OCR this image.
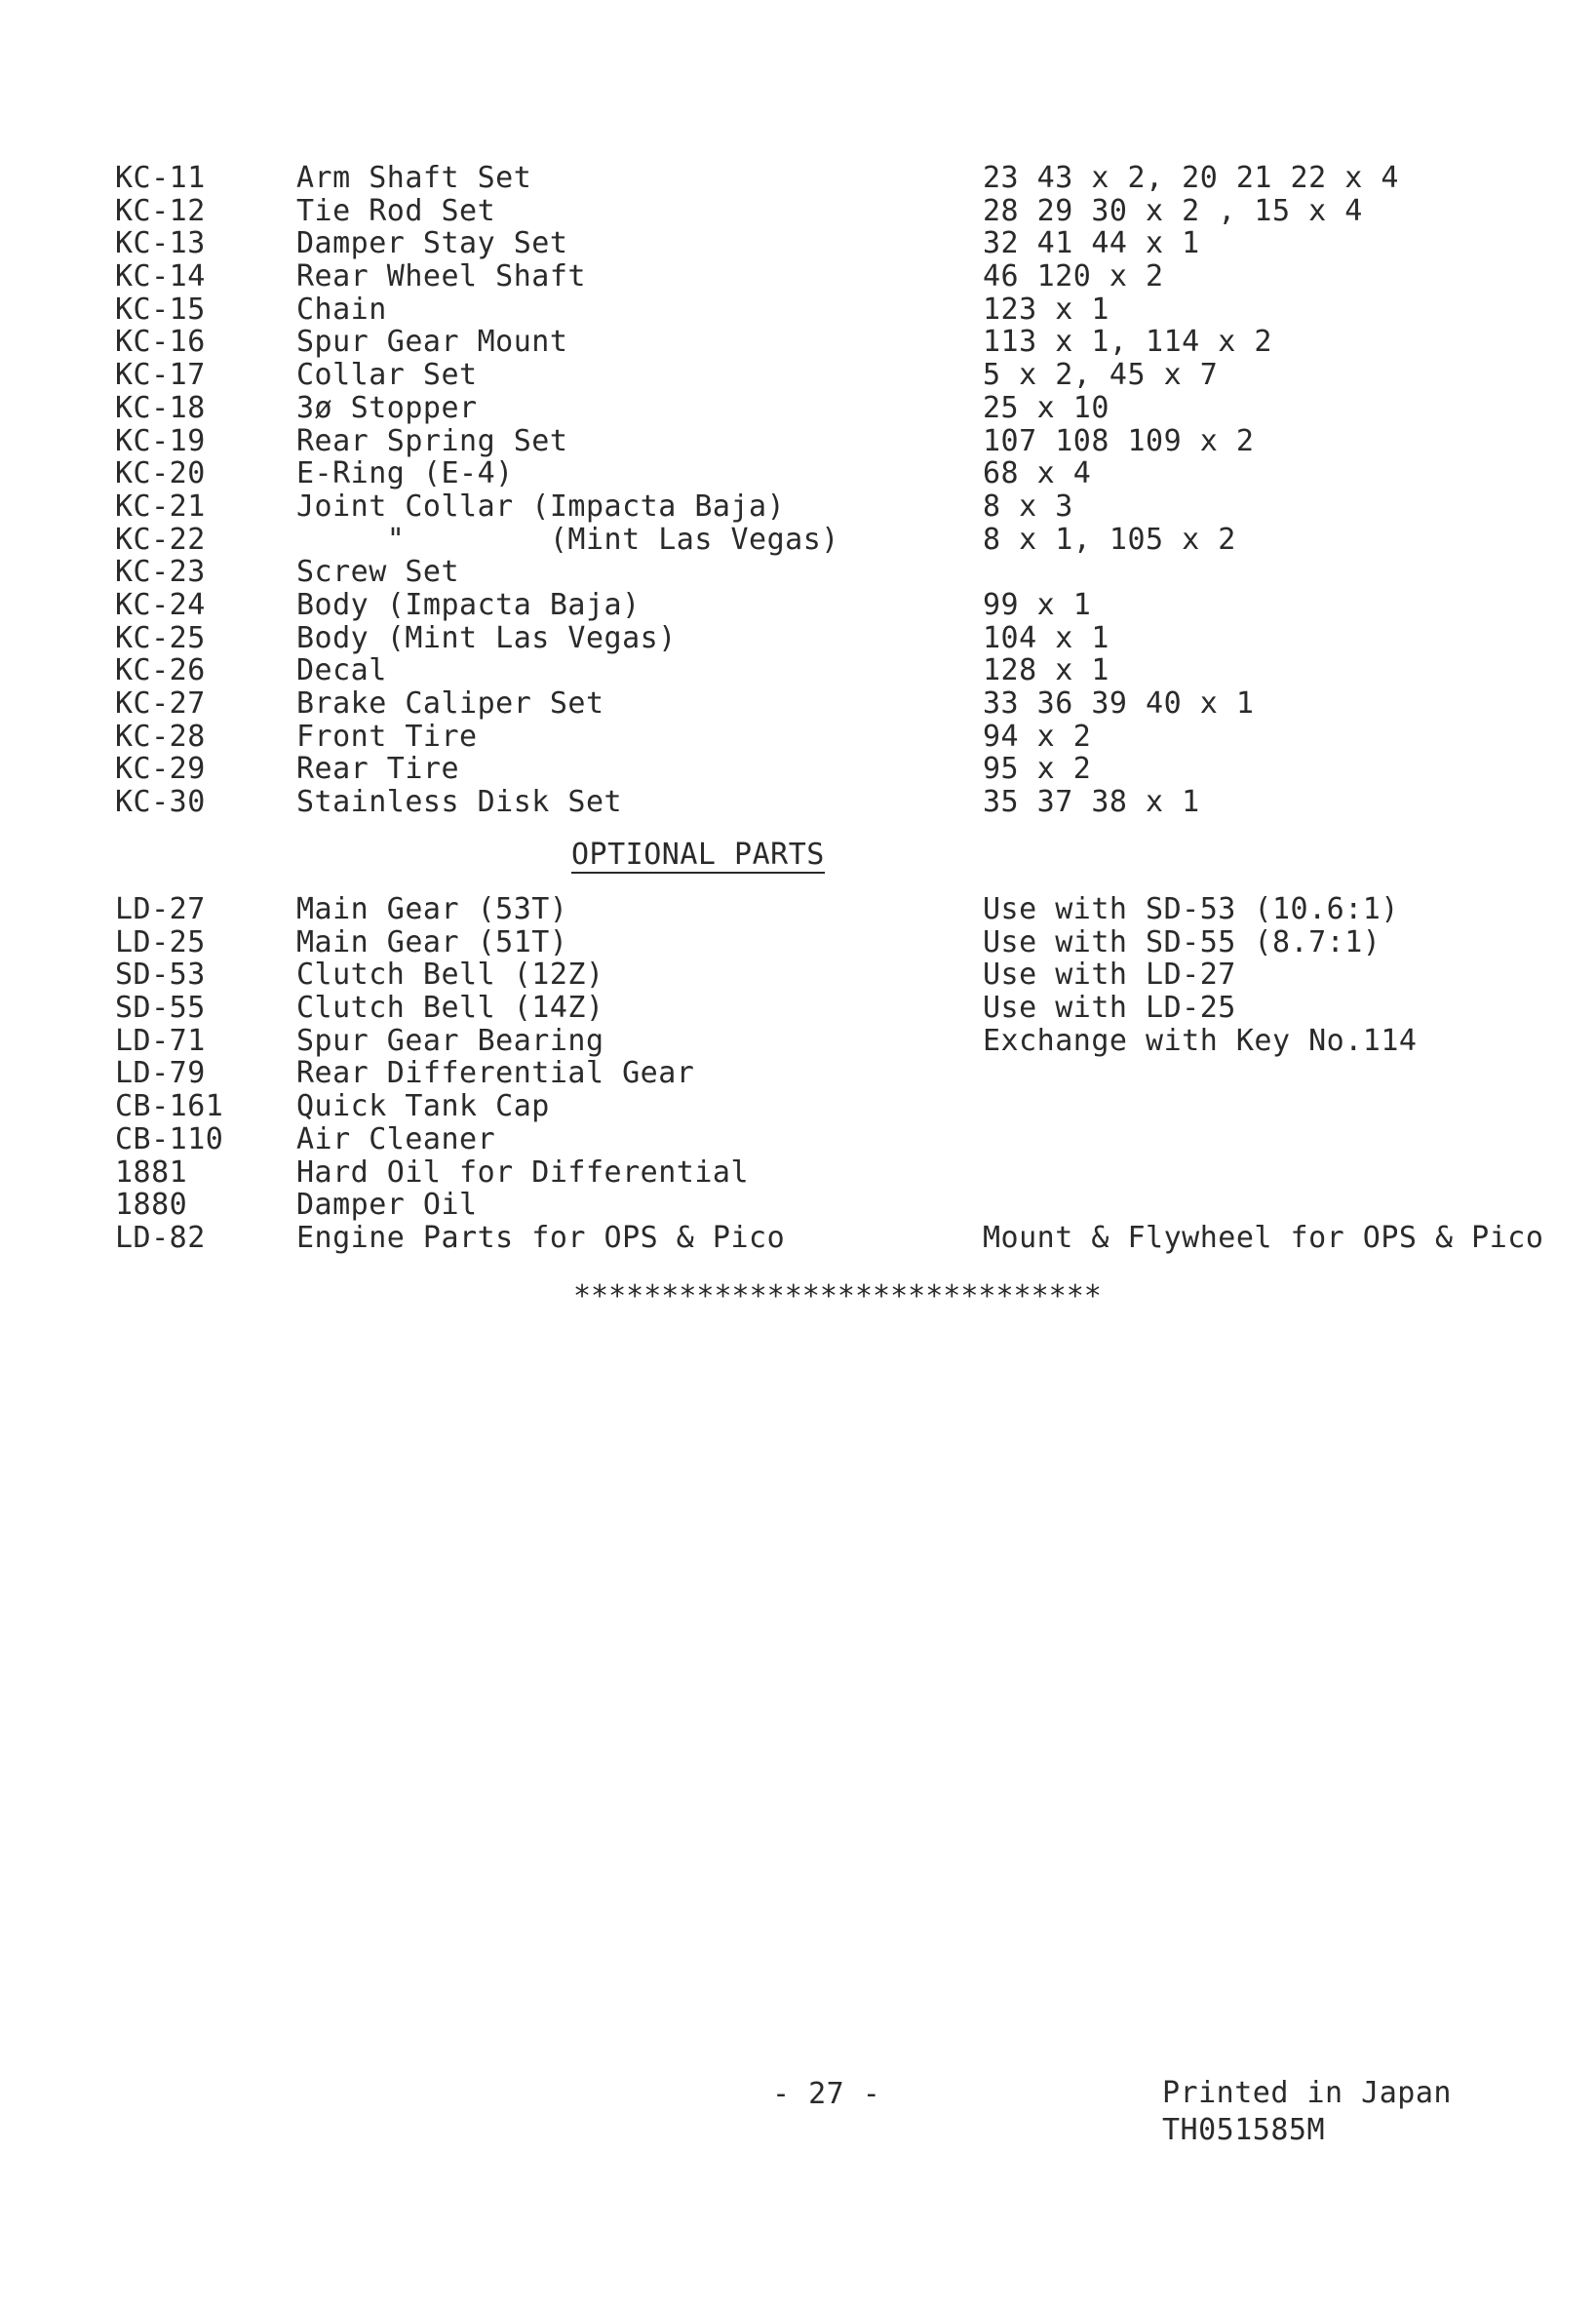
KC-11	Arm Shaft Set	23 43 x 2, 20 21 22 x 4
KC-12	Tie Rod Set	28 29 30 x 2 , 15 x 4
KC-13	Damper Stay Set	32 41 44 x 1
KC-14	Rear Wheel Shaft	46 120 x 2
KC-15	Chain	123 x 1
KC-16	Spur Gear Mount	113 x 1, 114 x 2
KC-17	Collar Set	5 x 2, 45 x 7
KC-18	3ø Stopper	25 x 10
KC-19	Rear Spring Set	107 108 109 x 2
KC-20	E-Ring (E-4)	68 x 4
KC-21	Joint Collar (Impacta Baja)	8 x 3
KC-22	"        (Mint Las Vegas)	8 x 1, 105 x 2
KC-23	Screw Set
KC-24	Body (Impacta Baja)	99 x 1
KC-25	Body (Mint Las Vegas)	104 x 1
KC-26	Decal	128 x 1
KC-27	Brake Caliper Set	33 36 39 40 x 1
KC-28	Front Tire	94 x 2
KC-29	Rear Tire	95 x 2
KC-30	Stainless Disk Set	35 37 38 x 1
OPTIONAL PARTS
LD-27	Main Gear (53T)	Use with SD-53 (10.6:1)
LD-25	Main Gear (51T)	Use with SD-55 (8.7:1)
SD-53	Clutch Bell (12Z)	Use with LD-27
SD-55	Clutch Bell (14Z)	Use with LD-25
LD-71	Spur Gear Bearing	Exchange with Key No.114
LD-79	Rear Differential Gear
CB-161 Quick Tank Cap
CB-110 Air Cleaner
1881	Hard Oil for Differential
1880	Damper Oil
LD-82	Engine Parts for OPS & Pico	Mount & Flywheel for OPS & Pico
******************************
- 27 -	Printed in Japan
TH051585M
